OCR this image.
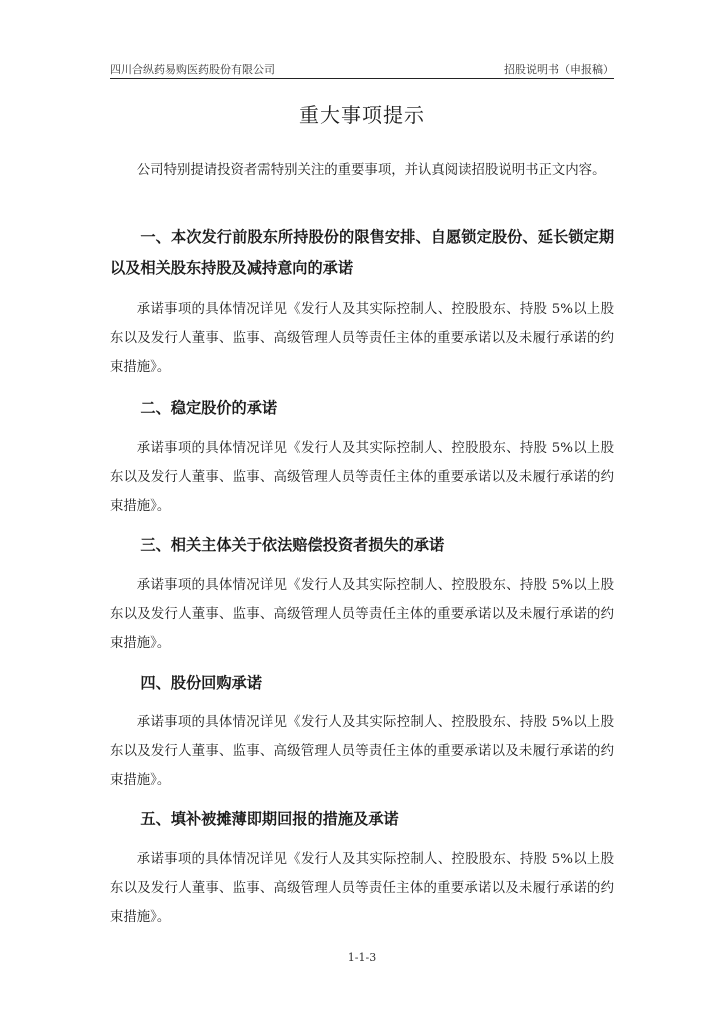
四川合纵药易购医药股份有限公司	招股说明书（申报稿）
重大事项提示

公司特别提请投资者需特别关注的重要事项，并认真阅读招股说明书正文内容。

一、本次发行前股东所持股份的限售安排、自愿锁定股份、延长锁定期以及相关股东持股及减持意向的承诺

承诺事项的具体情况详见《发行人及其实际控制人、控股股东、持股 5%以上股东以及发行人董事、监事、高级管理人员等责任主体的重要承诺以及未履行承诺的约束措施》。

二、稳定股价的承诺

承诺事项的具体情况详见《发行人及其实际控制人、控股股东、持股 5%以上股东以及发行人董事、监事、高级管理人员等责任主体的重要承诺以及未履行承诺的约束措施》。

三、相关主体关于依法赔偿投资者损失的承诺

承诺事项的具体情况详见《发行人及其实际控制人、控股股东、持股 5%以上股东以及发行人董事、监事、高级管理人员等责任主体的重要承诺以及未履行承诺的约束措施》。

四、股份回购承诺

承诺事项的具体情况详见《发行人及其实际控制人、控股股东、持股 5%以上股东以及发行人董事、监事、高级管理人员等责任主体的重要承诺以及未履行承诺的约束措施》。

五、填补被摊薄即期回报的措施及承诺

承诺事项的具体情况详见《发行人及其实际控制人、控股股东、持股 5%以上股东以及发行人董事、监事、高级管理人员等责任主体的重要承诺以及未履行承诺的约束措施》。

1-1-3
